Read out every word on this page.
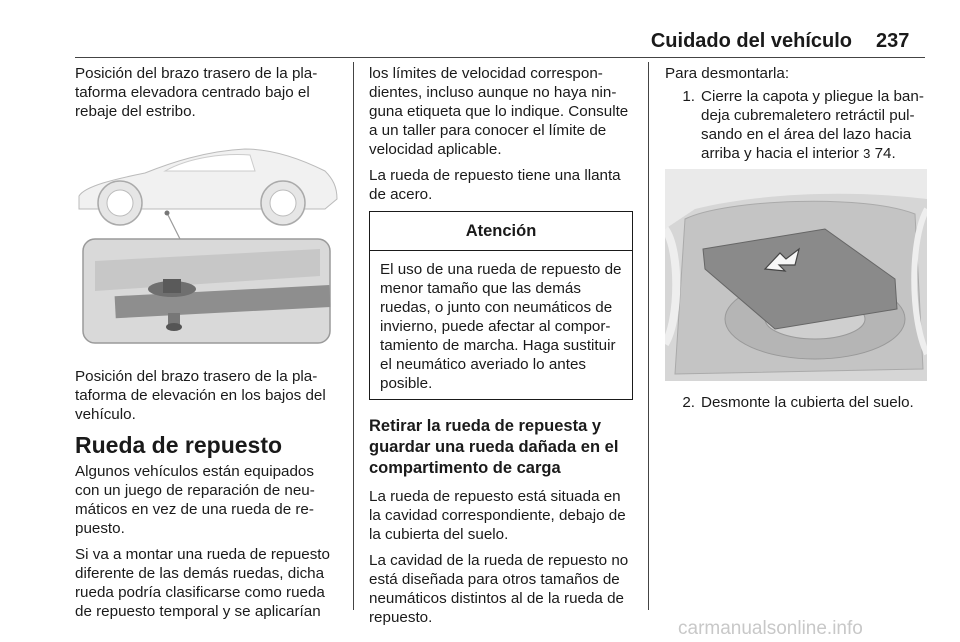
Cuidado del vehículo 237

Posición del brazo trasero de la plataforma elevadora centrado bajo el rebaje del estribo.

Posición del brazo trasero de la plataforma de elevación en los bajos del vehículo.

Rueda de repuesto

Algunos vehículos están equipados con un juego de reparación de neumáticos en vez de una rueda de repuesto.

Si va a montar una rueda de repuesto diferente de las demás ruedas, dicha rueda podría clasificarse como rueda de repuesto temporal y se aplicarían

los límites de velocidad correspondientes, incluso aunque no haya ninguna etiqueta que lo indique. Consulte a un taller para conocer el límite de velocidad aplicable.

La rueda de repuesto tiene una llanta de acero.

Atención
El uso de una rueda de repuesto de menor tamaño que las demás ruedas, o junto con neumáticos de invierno, puede afectar al comportamiento de marcha. Haga sustituir el neumático averiado lo antes posible.
Retirar la rueda de repuesta y guardar una rueda dañada en el compartimento de carga

La rueda de repuesto está situada en la cavidad correspondiente, debajo de la cubierta del suelo.

La cavidad de la rueda de repuesto no está diseñada para otros tamaños de neumáticos distintos al de la rueda de repuesto.

Para desmontarla:

1. Cierre la capota y pliegue la bandeja cubremaletero retráctil pulsando en el área del lazo hacia arriba y hacia el interior 3 74.
2. Desmonte la cubierta del suelo.
carmanualsonline.info
